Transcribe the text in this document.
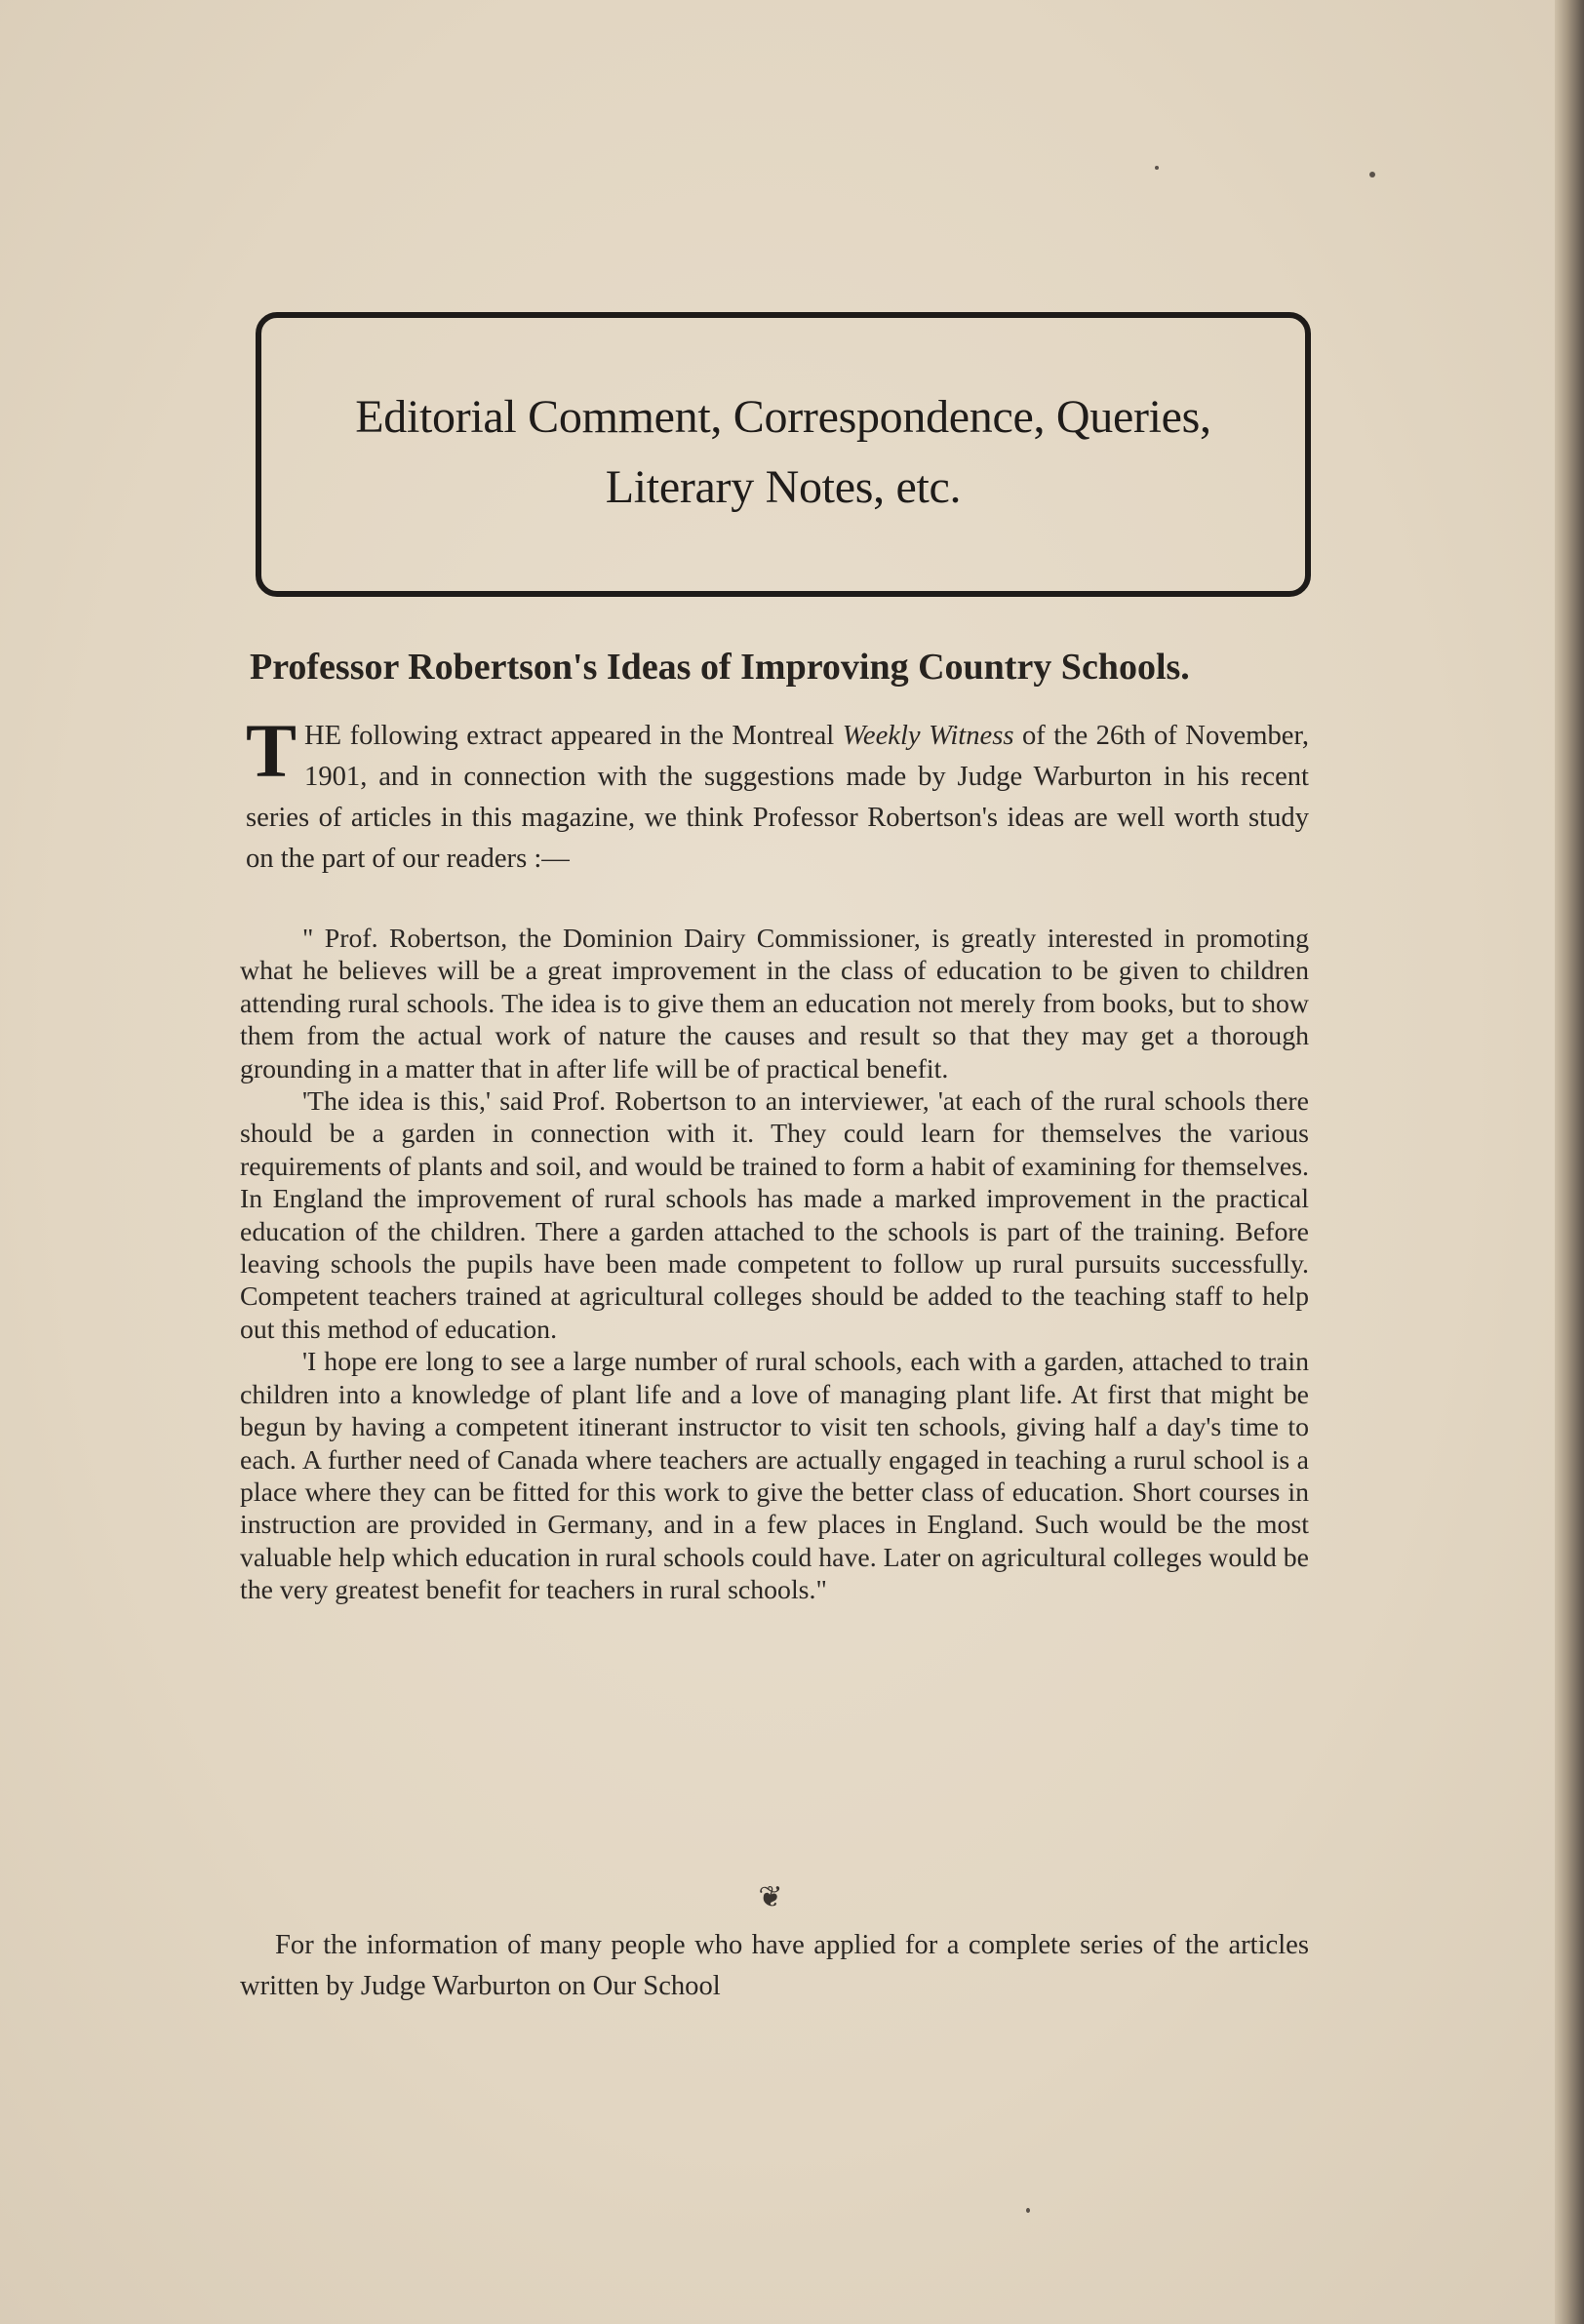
Editorial Comment, Correspondence, Queries,
Literary Notes, etc.
Professor Robertson's Ideas of Improving Country Schools.
THE following extract appeared in the Montreal Weekly Witness of the 26th of November, 1901, and in connection with the suggestions made by Judge Warburton in his recent series of articles in this magazine, we think Professor Robertson's ideas are well worth study on the part of our readers :—

" Prof. Robertson, the Dominion Dairy Commissioner, is greatly interested in promoting what he believes will be a great improvement in the class of education to be given to children attending rural schools. The idea is to give them an education not merely from books, but to show them from the actual work of nature the causes and result so that they may get a thorough grounding in a matter that in after life will be of practical benefit.

'The idea is this,' said Prof. Robertson to an interviewer, 'at each of the rural schools there should be a garden in connection with it. They could learn for themselves the various requirements of plants and soil, and would be trained to form a habit of examining for themselves. In England the improvement of rural schools has made a marked improvement in the practical education of the children. There a garden attached to the schools is part of the training. Before leaving schools the pupils have been made competent to follow up rural pursuits successfully. Competent teachers trained at agricultural colleges should be added to the teaching staff to help out this method of education.

'I hope ere long to see a large number of rural schools, each with a garden, attached to train children into a knowledge of plant life and a love of managing plant life. At first that might be begun by having a competent itinerant instructor to visit ten schools, giving half a day's time to each. A further need of Canada where teachers are actually engaged in teaching a rurul school is a place where they can be fitted for this work to give the better class of education. Short courses in instruction are provided in Germany, and in a few places in England. Such would be the most valuable help which education in rural schools could have. Later on agricultural colleges would be the very greatest benefit for teachers in rural schools."

❦
For the information of many people who have applied for a complete series of the articles written by Judge Warburton on Our School
